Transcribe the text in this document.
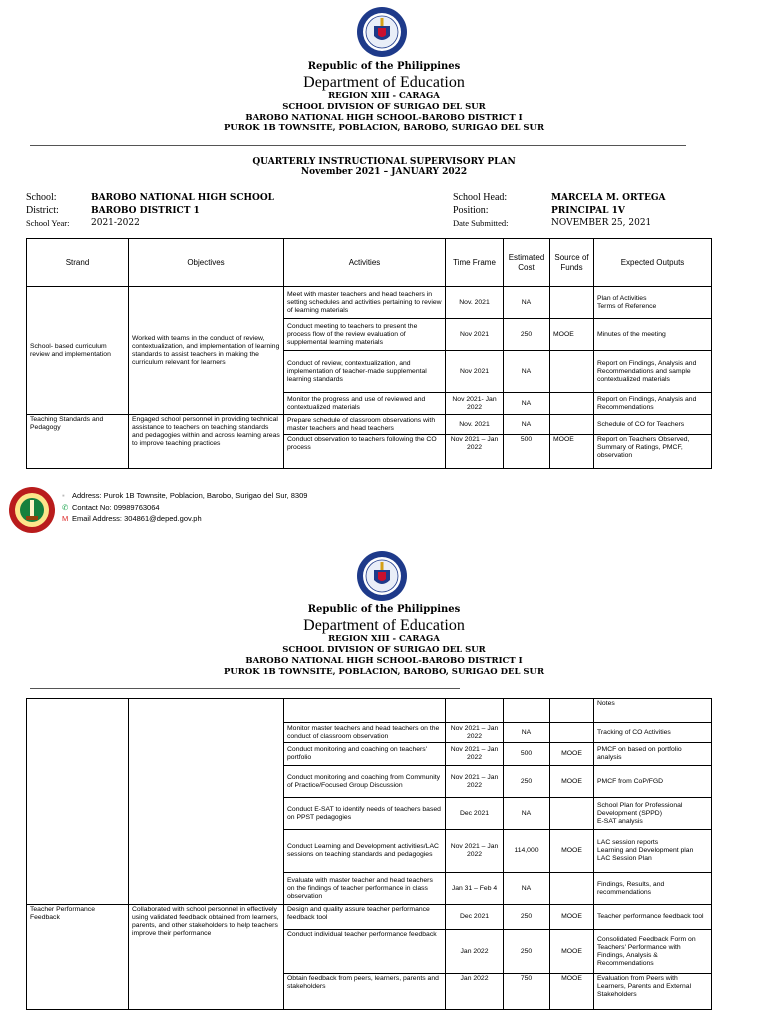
Republic of the Philippines
Department of Education
REGION XIII - CARAGA
SCHOOL DIVISION OF SURIGAO DEL SUR
BAROBO NATIONAL HIGH SCHOOL-BAROBO DISTRICT I
PUROK 1B TOWNSITE, POBLACION, BAROBO, SURIGAO DEL SUR
QUARTERLY INSTRUCTIONAL SUPERVISORY PLAN
November 2021 – JANUARY 2022
School:	BAROBO NATIONAL HIGH SCHOOL
District:	BAROBO DISTRICT 1
School Year: 2021-2022
School Head:	MARCELA M. ORTEGA
Position:	PRINCIPAL 1V
Date Submitted:	NOVEMBER 25, 2021
Strand	Objectives	Activities	Time Frame	Estimated Cost	Source of Funds	Expected Outputs
School- based curriculum review and implementation	Worked with teams in the conduct of review, contextualization, and implementation of learning standards to assist teachers in making the curriculum relevant for learners	Meet with master teachers and head teachers in setting schedules and activities pertaining to review of learning materials	Nov. 2021	NA		Plan of Activities
Terms of Reference
		Conduct meeting to teachers to present the process flow of the review evaluation of supplemental learning materials	Nov 2021	250	MOOE	Minutes of the meeting
		Conduct of review, contextualization, and implementation of teacher-made supplemental learning standards	Nov 2021	NA		Report on Findings, Analysis and Recommendations and sample contextualized materials
		Monitor the progress and use of reviewed and contextualized materials	Nov 2021- Jan 2022	NA		Report on Findings, Analysis and Recommendations
Teaching Standards and Pedagogy	Engaged school personnel in providing technical assistance to teachers on teaching standards and pedagogies within and across learning areas to improve teaching practices	Prepare schedule of classroom observations with master teachers and head teachers	Nov. 2021	NA		Schedule of CO for Teachers
		Conduct observation to teachers following the CO process	Nov 2021 – Jan 2022	500	MOOE	Report on Teachers Observed, Summary of Ratings, PMCF, observation
▪ Address: Purok 1B Townsite, Poblacion, Barobo, Surigao del Sur, 8309
✆ Contact No: 09989763064
M Email Address: 304861@deped.gov.ph
Republic of the Philippines
Department of Education
REGION XIII - CARAGA
SCHOOL DIVISION OF SURIGAO DEL SUR
BAROBO NATIONAL HIGH SCHOOL-BAROBO DISTRICT I
PUROK 1B TOWNSITE, POBLACION, BAROBO, SURIGAO DEL SUR
						Notes
		Monitor master teachers and head teachers on the conduct of classroom observation	Nov 2021 – Jan 2022	NA		Tracking of CO Activities
		Conduct monitoring and coaching on teachers' portfolio	Nov 2021 – Jan 2022	500	MOOE	PMCF on based on portfolio analysis
		Conduct monitoring and coaching from Community of Practice/Focused Group Discussion	Nov 2021 – Jan 2022	250	MOOE	PMCF from CoP/FGD
		Conduct E-SAT to identify needs of teachers based on PPST pedagogies	Dec 2021	NA		School Plan for Professional Development (SPPD)
E-SAT analysis
		Conduct Learning and Development activities/LAC sessions on teaching standards and pedagogies	Nov 2021 – Jan 2022	114,000	MOOE	LAC session reports
Learning and Development plan
LAC Session Plan
		Evaluate with master teacher and head teachers on the findings of teacher performance in class observation	Jan 31 – Feb 4	NA		Findings, Results, and recommendations
Teacher Performance Feedback	Collaborated with school personnel in effectively using validated feedback obtained from learners, parents, and other stakeholders to help teachers improve their performance	Design and quality assure teacher performance feedback tool	Dec 2021	250	MOOE	Teacher performance feedback tool
		Conduct individual teacher performance feedback	Jan 2022	250	MOOE	Consolidated Feedback Form on Teachers' Performance with Findings, Analysis & Recommendations
		Obtain feedback from peers, learners, parents and stakeholders	Jan 2022	750	MOOE	Evaluation from Peers with Learners, Parents and External Stakeholders
